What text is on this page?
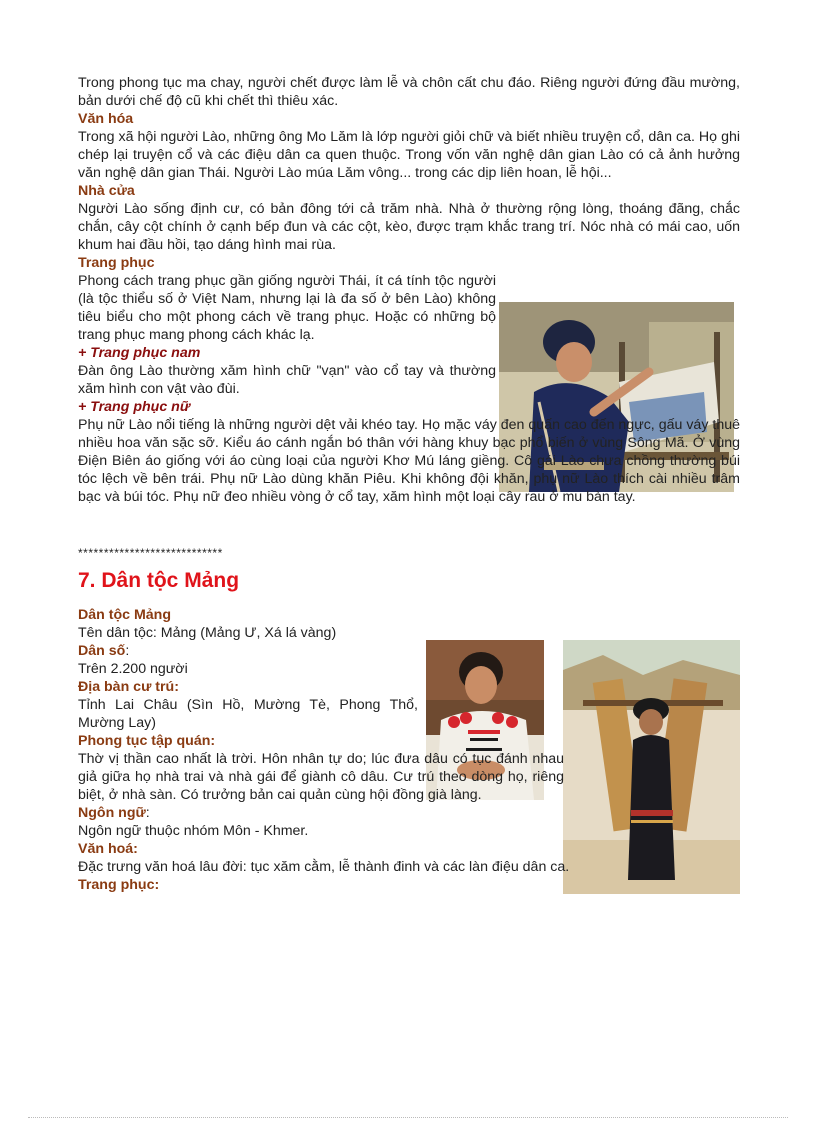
Trong phong tục ma chay, người chết được làm lễ và chôn cất chu đáo. Riêng người đứng đầu mường, bản dưới chế độ cũ khi chết thì thiêu xác.

Văn hóa

Trong xã hội người Lào, những ông Mo Lăm là lớp người giỏi chữ và biết nhiều truyện cổ, dân ca. Họ ghi chép lại truyện cổ và các điệu dân ca quen thuộc. Trong vốn văn nghệ dân gian Lào có cả ảnh hưởng văn nghệ dân gian Thái. Người Lào múa Lăm vông... trong các dịp liên hoan, lễ hội...

Nhà cửa

Người Lào sống định cư, có bản đông tới cả trăm nhà. Nhà ở thường rộng lòng, thoáng đãng, chắc chắn, cây cột chính ở cạnh bếp đun và các cột, kèo, được trạm khắc trang trí. Nóc nhà có mái cao, uốn khum hai đầu hồi, tạo dáng hình mai rùa.

Trang phục

Phong cách trang phục gần giống người Thái, ít cá tính tộc người (là tộc thiểu số ở Việt Nam, nhưng lại là đa số ở bên Lào) không tiêu biểu cho một phong cách về trang phục. Hoặc có những bộ trang phục mang phong cách khác lạ.

+ Trang phục nam

Đàn ông Lào thường xăm hình chữ "vạn" vào cổ tay và thường xăm hình con vật vào đùi.

+ Trang phục nữ

Phụ nữ Lào nổi tiếng là những người dệt vải khéo tay. Họ mặc váy đen quấn cao đến ngực, gấu váy thuê nhiều hoa văn sặc sỡ. Kiểu áo cánh ngắn bó thân với hàng khuy bạc phổ biến ở vùng Sông Mã. Ở vùng Điện Biên áo giống với áo cùng loại của người Khơ Mú láng giềng. Cô gái Lào chưa chồng thường búi tóc lệch về bên trái. Phụ nữ Lào dùng khăn Piêu. Khi không đội khăn, phụ nữ Lào thích cài nhiều trâm bạc và búi tóc. Phụ nữ đeo nhiều vòng ở cổ tay, xăm hình một loại cây rau ở mu bàn tay.

****************************
7. Dân tộc Mảng
Dân tộc Mảng

Tên dân tộc: Mảng (Mảng Ư, Xá lá vàng)

Dân số:

Trên 2.200 người

Địa bàn cư trú:

Tỉnh Lai Châu (Sìn Hồ, Mường Tè, Phong Thổ, Mường Lay)

Phong tục tập quán:

Thờ vị thần cao nhất là trời. Hôn nhân tự do; lúc đưa dâu có tục đánh nhau giả giữa họ nhà trai và nhà gái để giành cô dâu. Cư trú theo dòng họ, riêng biệt, ở nhà sàn. Có trưởng bản cai quản cùng hội đồng già làng.

Ngôn ngữ:

Ngôn ngữ thuộc nhóm Môn - Khmer.

Văn hoá:

Đặc trưng văn hoá lâu đời: tục xăm cằm, lễ thành đinh và các làn điệu dân ca.

Trang phục:
